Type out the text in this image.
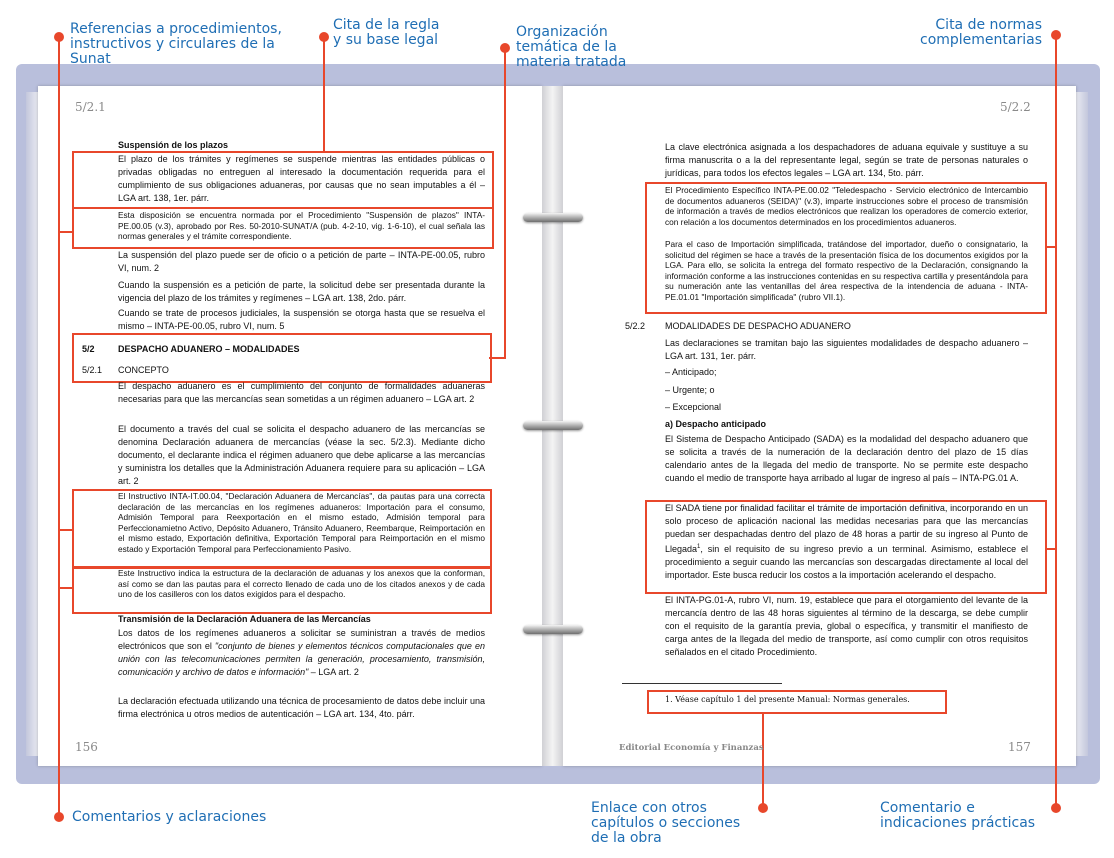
Referencias a procedimientos, instructivos y circulares de la Sunat
Cita de la regla y su base legal	Organización temática de la materia tratada
Cita de normas complementarias
Comentarios y aclaraciones
Enlace con otros capítulos o secciones de la obra
Comentario e indicaciones prácticas
5/2.1
156
Suspensión de los plazos

El plazo de los trámites y regímenes se suspende mientras las entidades públicas o privadas obligadas no entreguen al interesado la documentación requerida para el cumplimiento de sus obligaciones aduaneras, por causas que no sean imputables a él – LGA art. 138, 1er. párr.

Esta disposición se encuentra normada por el Procedimiento "Suspensión de plazos" INTA-PE.00.05 (v.3), aprobado por Res. 50-2010-SUNAT/A (pub. 4-2-10, vig. 1-6-10), el cual señala las normas generales y el trámite correspondiente.

La suspensión del plazo puede ser de oficio o a petición de parte – INTA-PE-00.05, rubro VI, num. 2

Cuando la suspensión es a petición de parte, la solicitud debe ser presentada durante la vigencia del plazo de los trámites y regímenes – LGA art. 138, 2do. párr.

Cuando se trate de procesos judiciales, la suspensión se otorga hasta que se resuelva el mismo – INTA-PE-00.05, rubro VI, num. 5

5/2	DESPACHO ADUANERO – MODALIDADES
5/2.1	CONCEPTO

El despacho aduanero es el cumplimiento del conjunto de formalidades aduaneras necesarias para que las mercancías sean sometidas a un régimen aduanero – LGA art. 2

El documento a través del cual se solicita el despacho aduanero de las mercancías se denomina Declaración aduanera de mercancías (véase la sec. 5/2.3). Mediante dicho documento, el declarante indica el régimen aduanero que debe aplicarse a las mercancías y suministra los detalles que la Administración Aduanera requiere para su aplicación – LGA art. 2

El Instructivo INTA-IT.00.04, "Declaración Aduanera de Mercancías", da pautas para una correcta declaración de las mercancías en los regímenes aduaneros: Importación para el consumo, Admisión Temporal para Reexportación en el mismo estado, Admisión temporal para Perfeccionamietno Activo, Depósito Aduanero, Tránsito Aduanero, Reembarque, Reimportación en el mismo estado, Exportación definitiva, Exportación Temporal para Reimportación en el mismo estado y Exportación Temporal para Perfeccionamiento Pasivo.

Este Instructivo indica la estructura de la declaración de aduanas y los anexos que la conforman, así como se dan las pautas para el correcto llenado de cada uno de los citados anexos y de cada uno de los casilleros con los datos exigidos para el despacho.

Transmisión de la Declaración Aduanera de las Mercancías

Los datos de los regímenes aduaneros a solicitar se suministran a través de medios electrónicos que son el "conjunto de bienes y elementos técnicos computacionales que en unión con las telecomunicaciones permiten la generación, procesamiento, transmisión, comunicación y archivo de datos e información" – LGA art. 2

La declaración efectuada utilizando una técnica de procesamiento de datos debe incluir una firma electrónica u otros medios de autenticación – LGA art. 134, 4to. párr.

5/2.2
157
Editorial Economía y Finanzas

La clave electrónica asignada a los despachadores de aduana equivale y sustituye a su firma manuscrita o a la del representante legal, según se trate de personas naturales o jurídicas, para todos los efectos legales – LGA art. 134, 5to. párr.

El Procedimiento Específico INTA-PE.00.02 "Teledespacho - Servicio electrónico de Intercambio de documentos aduaneros (SEIDA)" (v.3), imparte instrucciones sobre el proceso de transmisión de información a través de medios electrónicos que realizan los operadores de comercio exterior, con relación a los documentos determinados en los procedimientos aduaneros.

Para el caso de Importación simplificada, tratándose del importador, dueño o consignatario, la solicitud del régimen se hace a través de la presentación física de los documentos exigidos por la LGA. Para ello, se solicita la entrega del formato respectivo de la Declaración, consignando la información conforme a las instrucciones contenidas en su respectiva cartilla y presentándola para su numeración ante las ventanillas del área respectiva de la intendencia de aduana - INTA-PE.01.01 "Importación simplificada" (rubro VII.1).

5/2.2	MODALIDADES DE DESPACHO ADUANERO

Las declaraciones se tramitan bajo las siguientes modalidades de despacho aduanero – LGA art. 131, 1er. párr.

– Anticipado;
– Urgente; o
– Excepcional
a) Despacho anticipado

El Sistema de Despacho Anticipado (SADA) es la modalidad del despacho aduanero que se solicita a través de la numeración de la declaración dentro del plazo de 15 días calendario antes de la llegada del medio de transporte. No se permite este despacho cuando el medio de transporte haya arribado al lugar de ingreso al país – INTA-PG.01 A.

El SADA tiene por finalidad facilitar el trámite de importación definitiva, incorporando en un solo proceso de aplicación nacional las medidas necesarias para que las mercancías puedan ser despachadas dentro del plazo de 48 horas a partir de su ingreso al Punto de Llegada$^1$, sin el requisito de su ingreso previo a un terminal. Asimismo, establece el procedimiento a seguir cuando las mercancías son descargadas directamente al local del importador. Este busca reducir los costos a la importación acelerando el despacho.

El INTA-PG.01-A, rubro VI, num. 19, establece que para el otorgamiento del levante de la mercancía dentro de las 48 horas siguientes al término de la descarga, se debe cumplir con el requisito de la garantía previa, global o específica, y transmitir el manifiesto de carga antes de la llegada del medio de transporte, así como cumplir con otros requisitos señalados en el citado Procedimiento.

1. Véase capítulo 1 del presente Manual: Normas generales.
